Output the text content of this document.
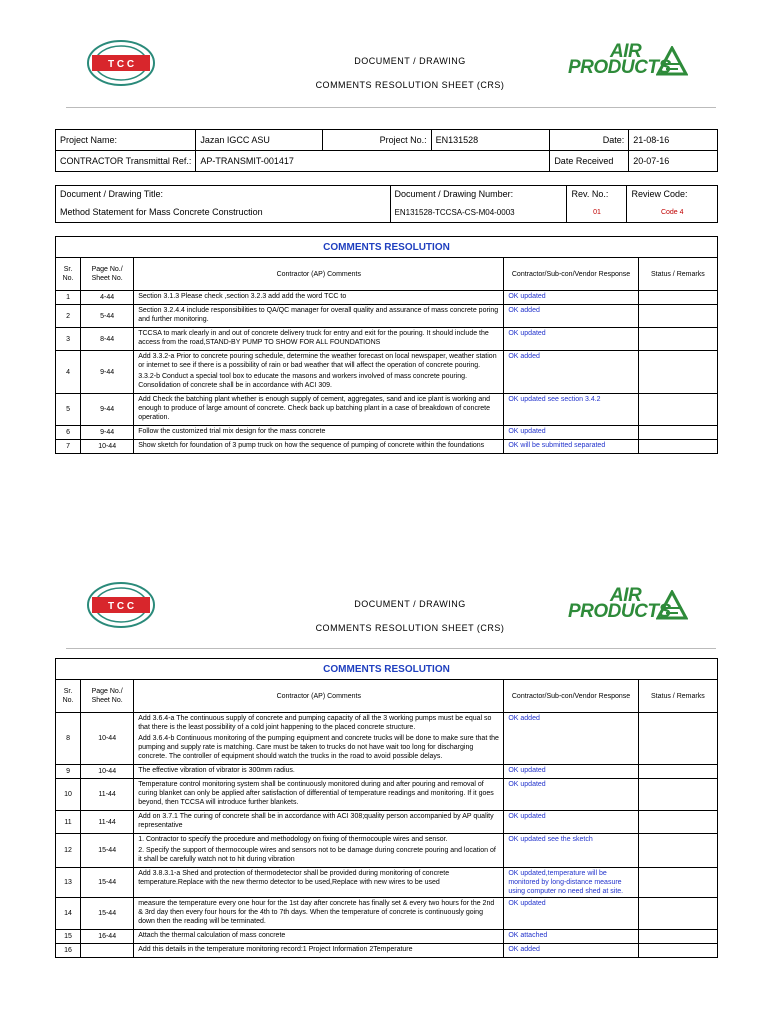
T C C	DOCUMENT / DRAWING
COMMENTS RESOLUTION SHEET (CRS)
AIR
PRODUCTS
Project Name:	Jazan IGCC ASU	Project No.:	EN131528	Date:	21-08-16
CONTRACTOR Transmittal Ref.:	AP-TRANSMIT-001417			Date Received	20-07-16
Document / Drawing Title:	Document / Drawing Number:	Rev. No.:	Review Code:
Method Statement for Mass Concrete Construction	EN131528-TCCSA-CS-M04-0003	01	Code 4
COMMENTS RESOLUTION				
Sr. No.	Page No./ Sheet No.	Contractor (AP) Comments	Contractor/Sub-con/Vendor Response	Status / Remarks
1	4-44	Section 3.1.3 Please check ,section 3.2.3 add add the word TCC to	OK updated	
2	5-44	Section 3.2.4.4 include responsibilities to QA/QC manager for overall quality and assurance of mass concrete poring and further monitoring.	OK added	
3	8-44	TCCSA to mark clearly in and out of concrete delivery truck for entry and exit for the pouring. It should include the access from the road,STAND-BY PUMP TO SHOW FOR ALL FOUNDATIONS	OK updated	
4	9-44	Add 3.3.2-a Prior to concrete pouring schedule, determine the weather forecast on local newspaper, weather station or internet to see if there is a possibility of rain or bad weather that will affect the operation of concrete pouring.

3.3.2-b Conduct a special tool box to educate the masons and workers involved of mass concrete pouring. Consolidation of concrete shall be in accordance with ACI 309.	OK added	
5	9-44	Add Check the batching plant whether is enough supply of cement, aggregates, sand and ice plant is working and enough to produce of large amount of concrete. Check back up batching plant in a case of breakdown of concrete operation.	OK updated see section 3.4.2	
6	9-44	Follow the customized trial mix design for the mass concrete	OK updated	
7	10-44	Show sketch for foundation of 3 pump truck on how the sequence of pumping of concrete within the foundations	OK will be submitted separated	
T C C	DOCUMENT / DRAWING
COMMENTS RESOLUTION SHEET (CRS)
AIR
PRODUCTS
COMMENTS RESOLUTION				
Sr. No.	Page No./ Sheet No.	Contractor (AP) Comments	Contractor/Sub-con/Vendor Response	Status / Remarks
8	10-44	Add 3.6.4-a The continuous supply of concrete and pumping capacity of all the 3 working pumps must be equal so that there is the least possibility of a cold joint happening to the placed concrete structure.

Add 3.6.4-b Continuous monitoring of the pumping equipment and concrete trucks will be done to make sure that the pumping and supply rate is matching. Care must be taken to trucks do not have wait too long for discharging concrete. The controller of equipment should watch the trucks in the road to avoid possible delays.	OK added	
9	10-44	The effective vibration of vibrator is 300mm radius.	OK updated	
10	11-44	Temperature control monitoring system shall be continuously monitored during and after pouring and removal of curing blanket can only be applied after satisfaction of differential of temperature readings and monitoring. If it goes beyond, then TCCSA will introduce further blankets.	OK updated	
11	11-44	Add on 3.7.1 The curing of concrete shall be in accordance with ACI 308;quality person accompanied by AP quality representative	OK updated	
12	15-44	1. Contractor to specify the procedure and methodology on fixing of thermocouple wires and sensor.

2. Specify the support of thermocouple wires and sensors not to be damage during concrete pouring and location of it shall be carefully watch not to hit during vibration	OK updated see the sketch	
13	15-44	Add 3.8.3.1-a Shed and protection of thermodetector shall be provided during monitoring of concrete temperature.Replace with the new thermo detector to be used,Replace with new wires to be used	OK updated,temperature will be monitored by long-distance measure using computer no need shed at site.	
14	15-44	measure the temperature every one hour for the 1st day after concrete has finally set & every two hours for the 2nd & 3rd day then every four hours for the 4th to 7th days. When the temperature of concrete is continuously going down then the reading will be terminated.	OK updated	
15	16-44	Attach the thermal calculation of mass concrete	OK attached	
16		Add this details in the temperature monitoring record:1 Project Information 2Temperature	OK added	
